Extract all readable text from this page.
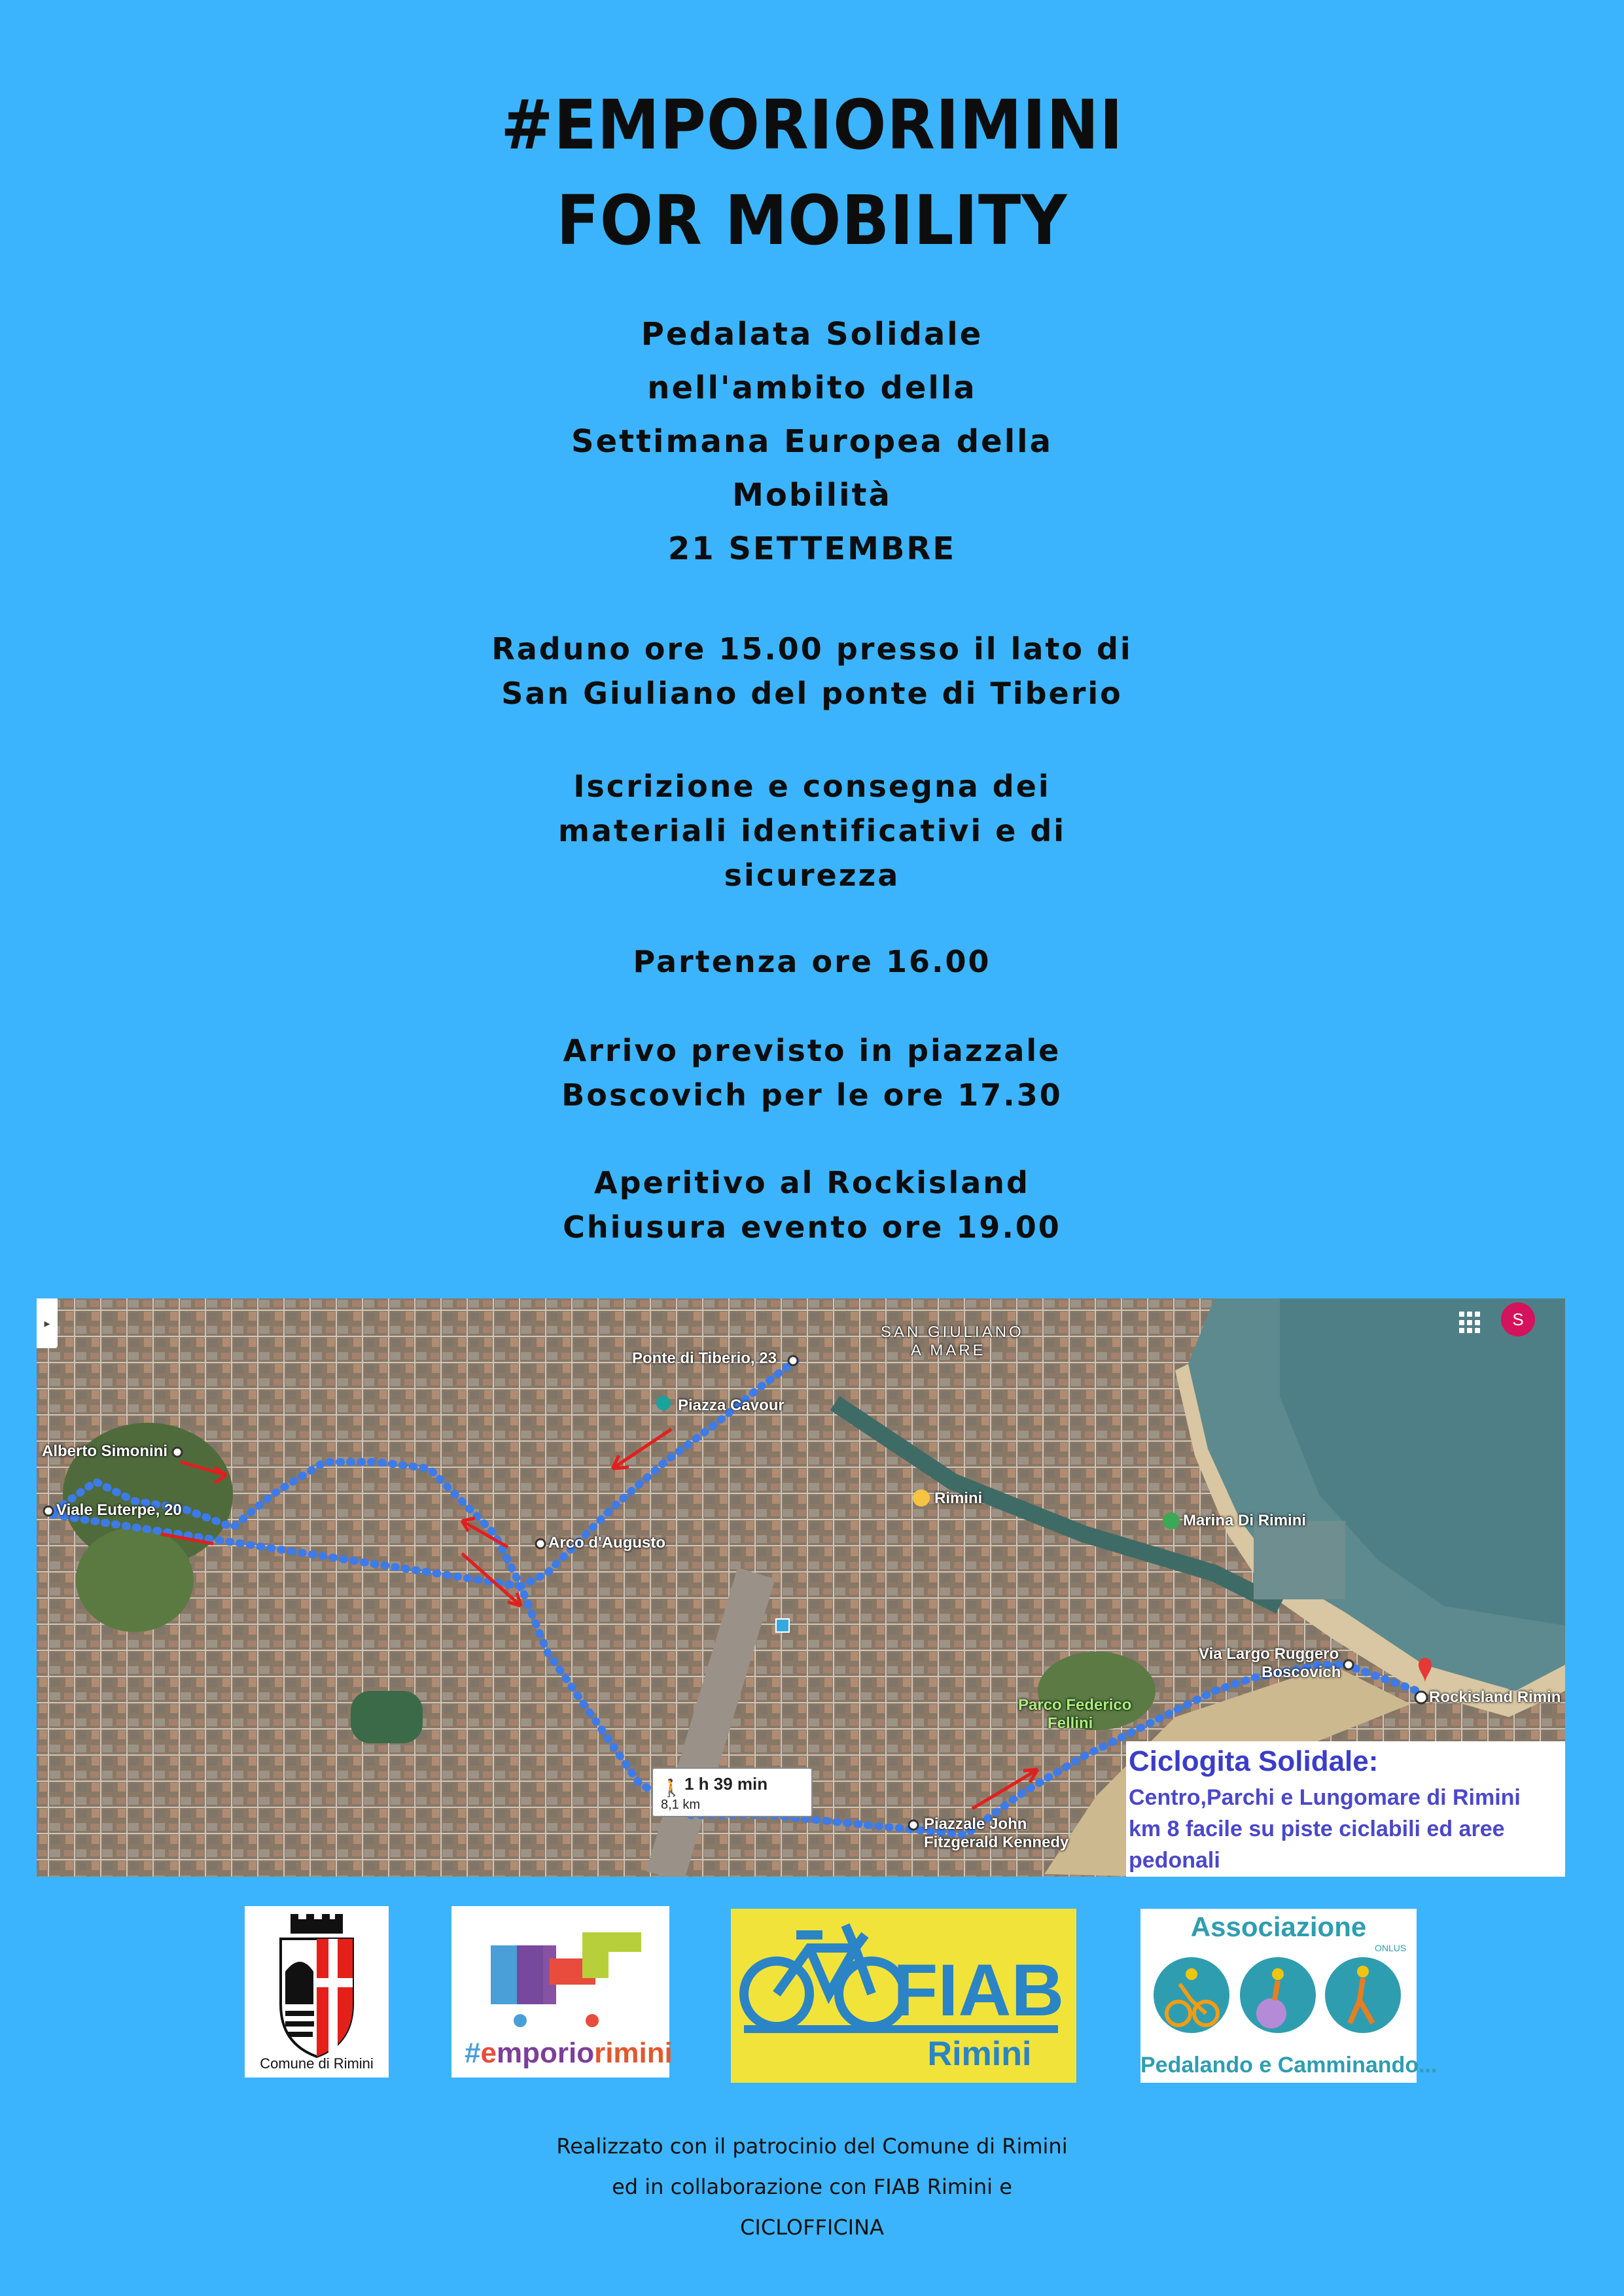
#EMPORIORIMINI
FOR MOBILITY
Pedalata Solidale
nell'ambito della
Settimana Europea della
Mobilità
21 SETTEMBRE
Raduno ore 15.00 presso il lato di
San Giuliano del ponte di Tiberio
Iscrizione e consegna dei
materiali identificativi e di
sicurezza
Partenza ore 16.00
Arrivo previsto in piazzale
Boscovich per le ore 17.30
Aperitivo al Rockisland
Chiusura evento ore 19.00
Ponte di Tiberio, 23
Piazza Cavour
SAN GIULIANO
A MARE
Alberto Simonini
Viale Euterpe, 20
Arco d'Augusto
Rimini
Marina Di Rimini
Via Largo Ruggero
Boscovich
Rockisland Rimin
Parco Federico
Fellini
Piazzale John
Fitzgerald Kennedy
▸	S
🚶 1 h 39 min
8,1 km
Ciclogita Solidale:
Centro,Parchi e Lungomare di Rimini
km 8 facile su piste ciclabili ed aree
pedonali
Comune di Rimini	#emporiorimini
FIAB
Rimini
Associazione
ONLUS
Pedalando e Camminando...
Realizzato con il patrocinio del Comune di Rimini
ed in collaborazione con FIAB Rimini e
CICLOFFICINA
